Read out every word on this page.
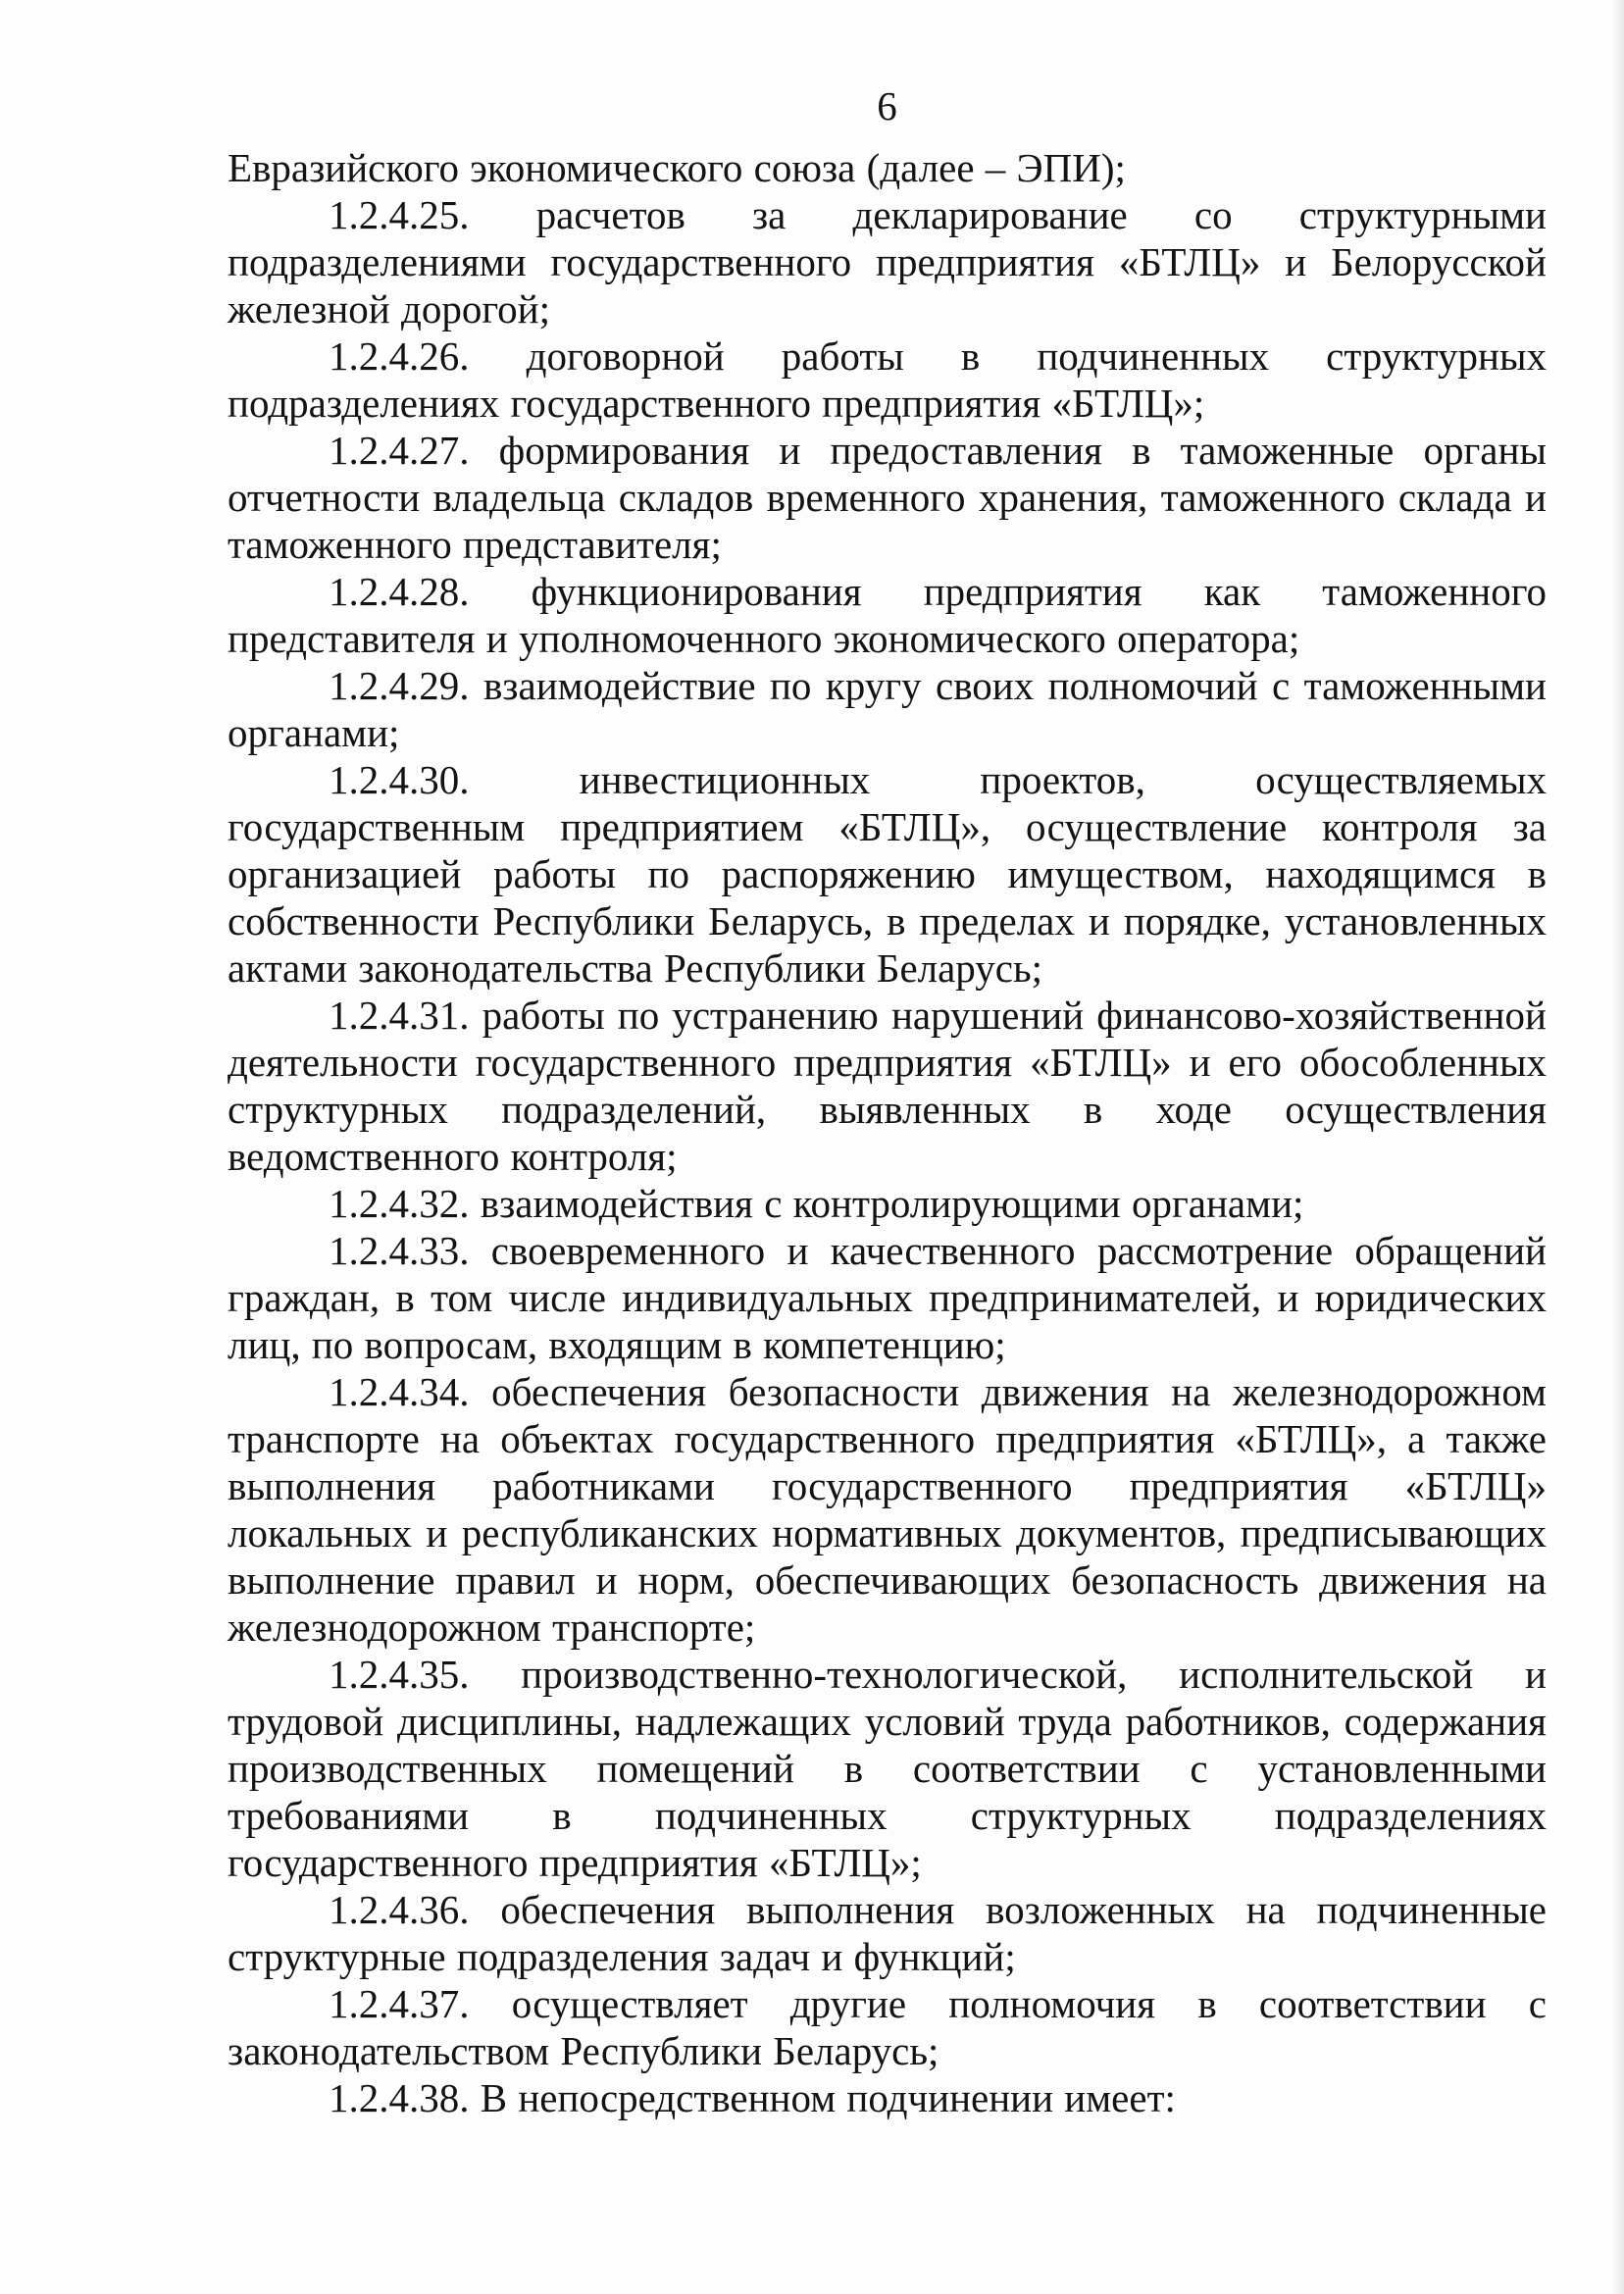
6

Евразийского экономического союза (далее – ЭПИ);

1.2.4.25. расчетов за декларирование со структурными подразделениями государственного предприятия «БТЛЦ» и Белорусской железной дорогой;

1.2.4.26. договорной работы в подчиненных структурных подразделениях государственного предприятия «БТЛЦ»;

1.2.4.27. формирования и предоставления в таможенные органы отчетности владельца складов временного хранения, таможенного склада и таможенного представителя;

1.2.4.28. функционирования предприятия как таможенного представителя и уполномоченного экономического оператора;

1.2.4.29. взаимодействие по кругу своих полномочий с таможенными органами;

1.2.4.30. инвестиционных проектов, осуществляемых государственным предприятием «БТЛЦ», осуществление контроля за организацией работы по распоряжению имуществом, находящимся в собственности Республики Беларусь, в пределах и порядке, установленных актами законодательства Республики Беларусь;

1.2.4.31. работы по устранению нарушений финансово-хозяйственной деятельности государственного предприятия «БТЛЦ» и его обособленных структурных подразделений, выявленных в ходе осуществления ведомственного контроля;

1.2.4.32. взаимодействия с контролирующими органами;

1.2.4.33. своевременного и качественного рассмотрение обращений граждан, в том числе индивидуальных предпринимателей, и юридических лиц, по вопросам, входящим в компетенцию;

1.2.4.34. обеспечения безопасности движения на железнодорожном транспорте на объектах государственного предприятия «БТЛЦ», а также выполнения работниками государственного предприятия «БТЛЦ» локальных и республиканских нормативных документов, предписывающих выполнение правил и норм, обеспечивающих безопасность движения на железнодорожном транспорте;

1.2.4.35. производственно-технологической, исполнительской и трудовой дисциплины, надлежащих условий труда работников, содержания производственных помещений в соответствии с установленными требованиями в подчиненных структурных подразделениях государственного предприятия «БТЛЦ»;

1.2.4.36. обеспечения выполнения возложенных на подчиненные структурные подразделения задач и функций;

1.2.4.37. осуществляет другие полномочия в соответствии с законодательством Республики Беларусь;

1.2.4.38. В непосредственном подчинении имеет:
